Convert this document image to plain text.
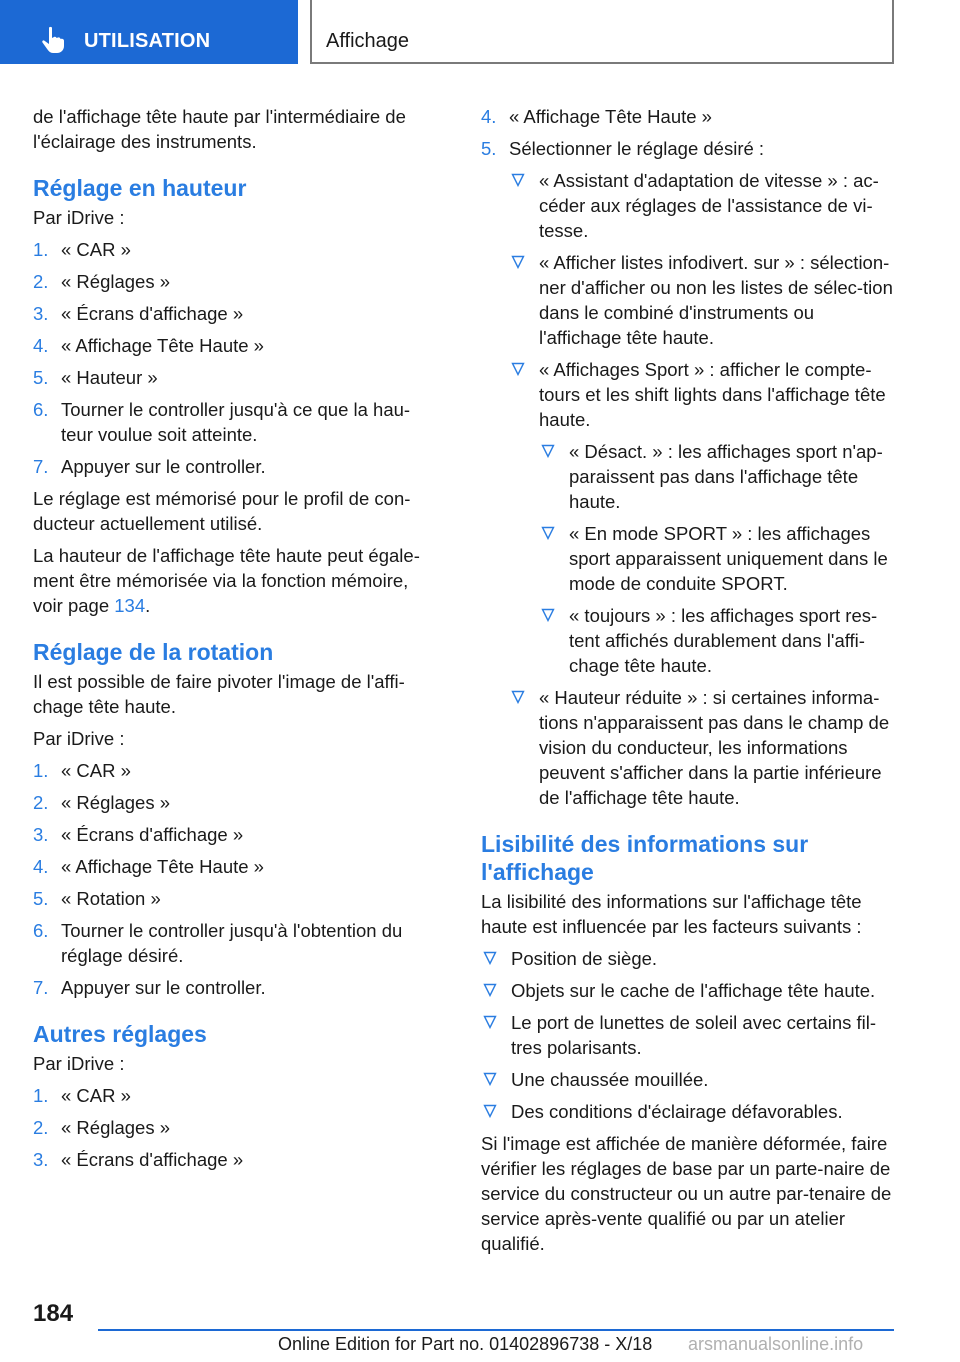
UTILISATION	Affichage

de l'affichage tête haute par l'intermédiaire de l'éclairage des instruments.

Réglage en hauteur

Par iDrive :

1. « CAR »
2. « Réglages »
3. « Écrans d'affichage »
4. « Affichage Tête Haute »
5. « Hauteur »
6. Tourner le controller jusqu'à ce que la hau-teur voulue soit atteinte.
7. Appuyer sur le controller.

Le réglage est mémorisé pour le profil de con-ducteur actuellement utilisé.

La hauteur de l'affichage tête haute peut égale-ment être mémorisée via la fonction mémoire, voir page 134.

Réglage de la rotation

Il est possible de faire pivoter l'image de l'affi-chage tête haute.

Par iDrive :

1. « CAR »
2. « Réglages »
3. « Écrans d'affichage »
4. « Affichage Tête Haute »
5. « Rotation »
6. Tourner le controller jusqu'à l'obtention du réglage désiré.
7. Appuyer sur le controller.
Autres réglages

Par iDrive :

1. « CAR »
2. « Réglages »
3. « Écrans d'affichage »
4. « Affichage Tête Haute »
5. Sélectionner le réglage désiré :
« Assistant d'adaptation de vitesse » : ac-céder aux réglages de l'assistance de vi-tesse.
« Afficher listes infodivert. sur » : sélection-ner d'afficher ou non les listes de sélec-tion dans le combiné d'instruments ou l'affichage tête haute.
« Affichages Sport » : afficher le compte-tours et les shift lights dans l'affichage tête haute.
« Désact. » : les affichages sport n'ap-paraissent pas dans l'affichage tête haute.
« En mode SPORT » : les affichages sport apparaissent uniquement dans le mode de conduite SPORT.
« toujours » : les affichages sport res-tent affichés durablement dans l'affi-chage tête haute.
« Hauteur réduite » : si certaines informa-tions n'apparaissent pas dans le champ de vision du conducteur, les informations peuvent s'afficher dans la partie inférieure de l'affichage tête haute.
Lisibilité des informations sur l'affichage

La lisibilité des informations sur l'affichage tête haute est influencée par les facteurs suivants :

Position de siège.
Objets sur le cache de l'affichage tête haute.
Le port de lunettes de soleil avec certains fil-tres polarisants.
Une chaussée mouillée.
Des conditions d'éclairage défavorables.

Si l'image est affichée de manière déformée, faire vérifier les réglages de base par un parte-naire de service du constructeur ou un autre par-tenaire de service après-vente qualifié ou par un atelier qualifié.

184
Online Edition for Part no. 01402896738 - X/18 arsmanualsonline.info
